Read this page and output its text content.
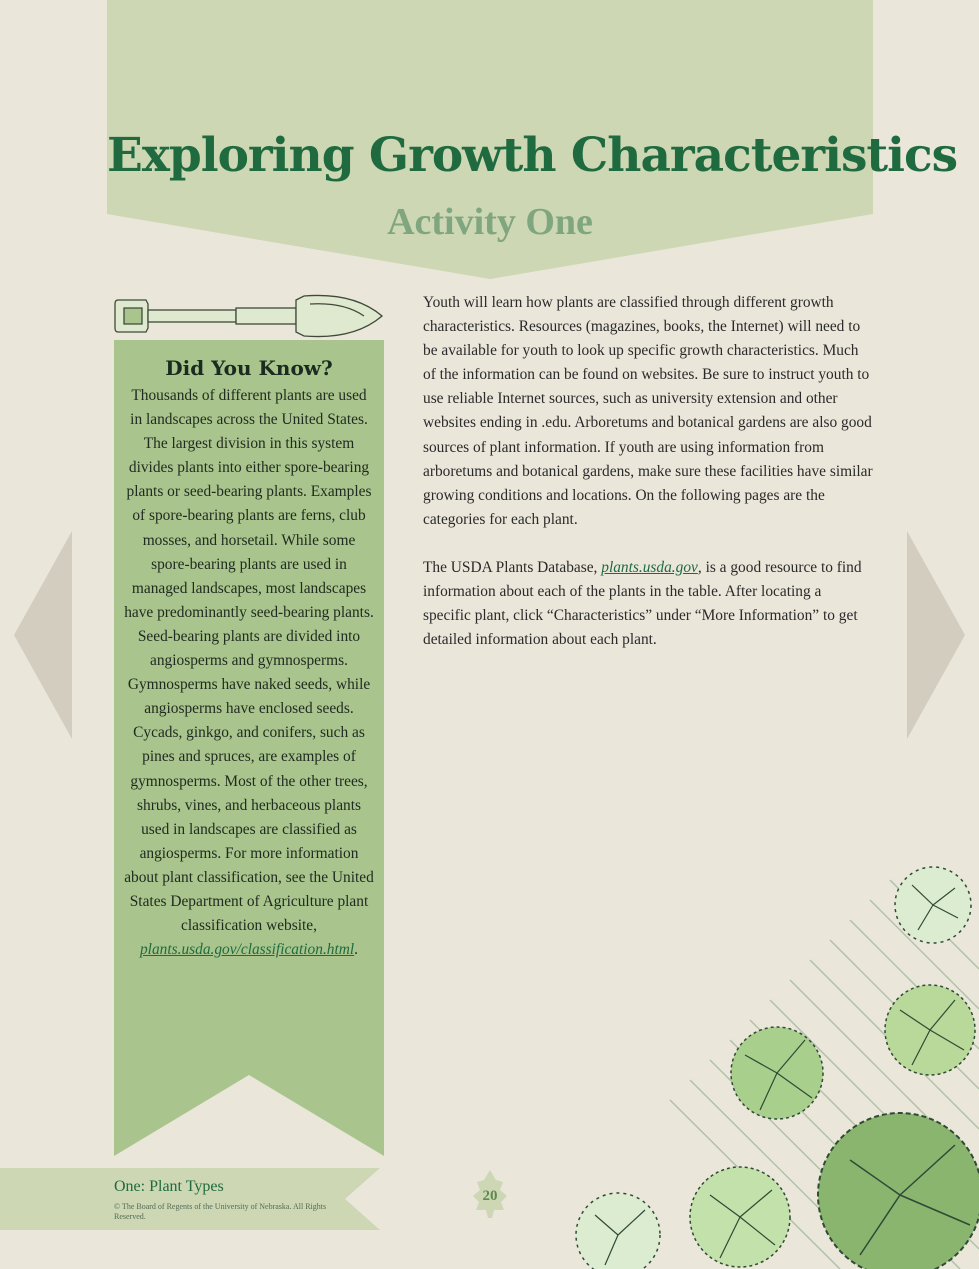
Exploring Growth Characteristics
Activity One
Did You Know?

Thousands of different plants are used in landscapes across the United States. The largest division in this system divides plants into either spore-bearing plants or seed-bearing plants. Examples of spore-bearing plants are ferns, club mosses, and horsetail. While some spore-bearing plants are used in managed landscapes, most landscapes have predominantly seed-bearing plants. Seed-bearing plants are divided into angiosperms and gymnosperms. Gymnosperms have naked seeds, while angiosperms have enclosed seeds. Cycads, ginkgo, and conifers, such as pines and spruces, are examples of gymnosperms. Most of the other trees, shrubs, vines, and herbaceous plants used in landscapes are classified as angiosperms. For more information about plant classification, see the United States Department of Agriculture plant classification website, plants.usda.gov/classification.html.

Youth will learn how plants are classified through different growth characteristics. Resources (magazines, books, the Internet) will need to be available for youth to look up specific growth characteristics. Much of the information can be found on websites. Be sure to instruct youth to use reliable Internet sources, such as university extension and other websites ending in .edu. Arboretums and botanical gardens are also good sources of plant information. If youth are using information from arboretums and botanical gardens, make sure these facilities have similar growing conditions and locations. On the following pages are the categories for each plant.

The USDA Plants Database, plants.usda.gov, is a good resource to find information about each of the plants in the table. After locating a specific plant, click “Characteristics” under “More Information” to get detailed information about each plant.

One: Plant Types

© The Board of Regents of the University of Nebraska. All Rights Reserved.

20
